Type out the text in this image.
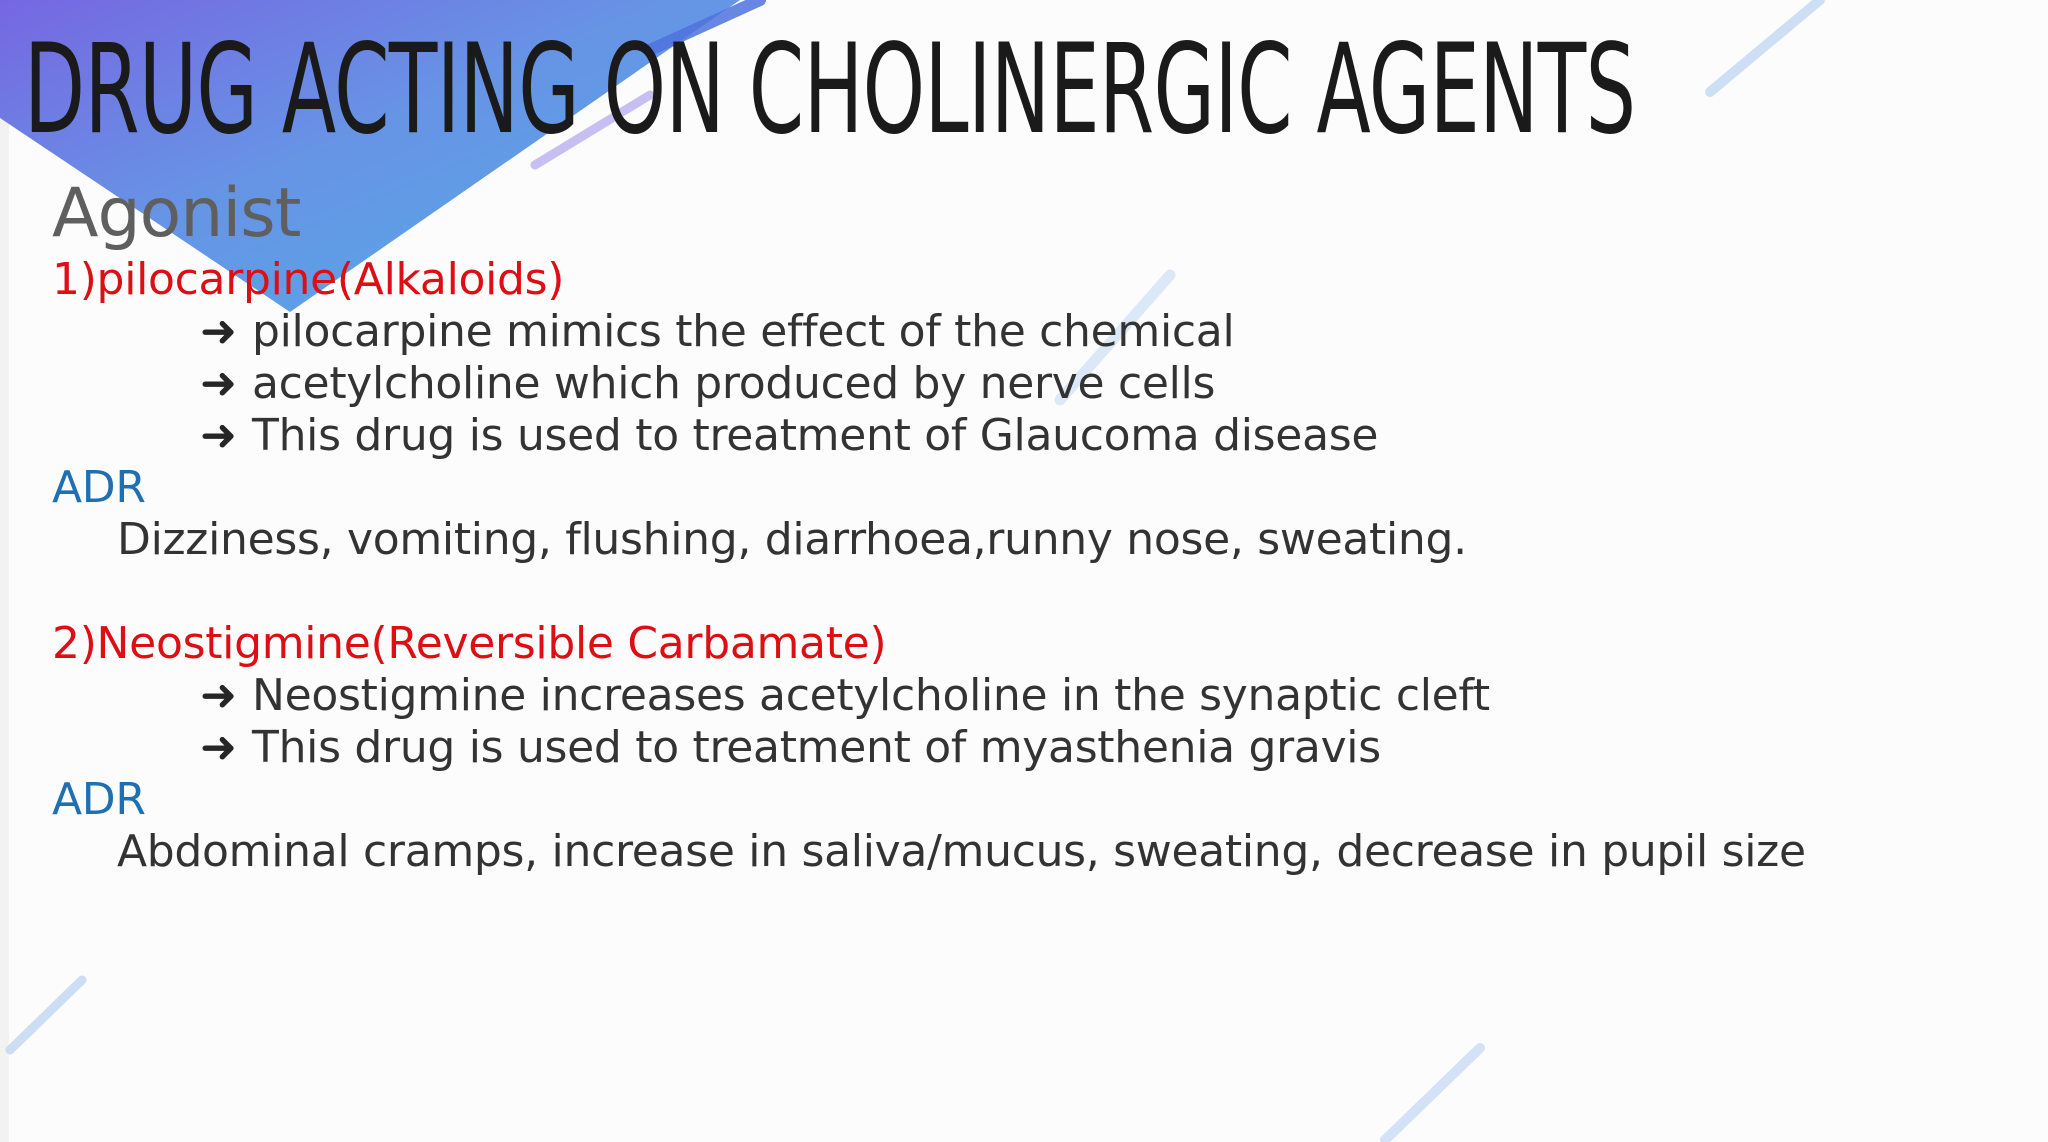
DRUG ACTING ON CHOLINERGIC AGENTS
Agonist
1)pilocarpine(Alkaloids)
➜ pilocarpine mimics the effect of the chemical
➜ acetylcholine which produced by nerve cells
➜ This drug is used to treatment of Glaucoma disease
ADR
Dizziness, vomiting, flushing, diarrhoea,runny nose, sweating.
2)Neostigmine(Reversible Carbamate)
➜ Neostigmine increases acetylcholine in the synaptic cleft
➜ This drug is used to treatment of myasthenia gravis
ADR
Abdominal cramps, increase in saliva/mucus, sweating, decrease in pupil size
